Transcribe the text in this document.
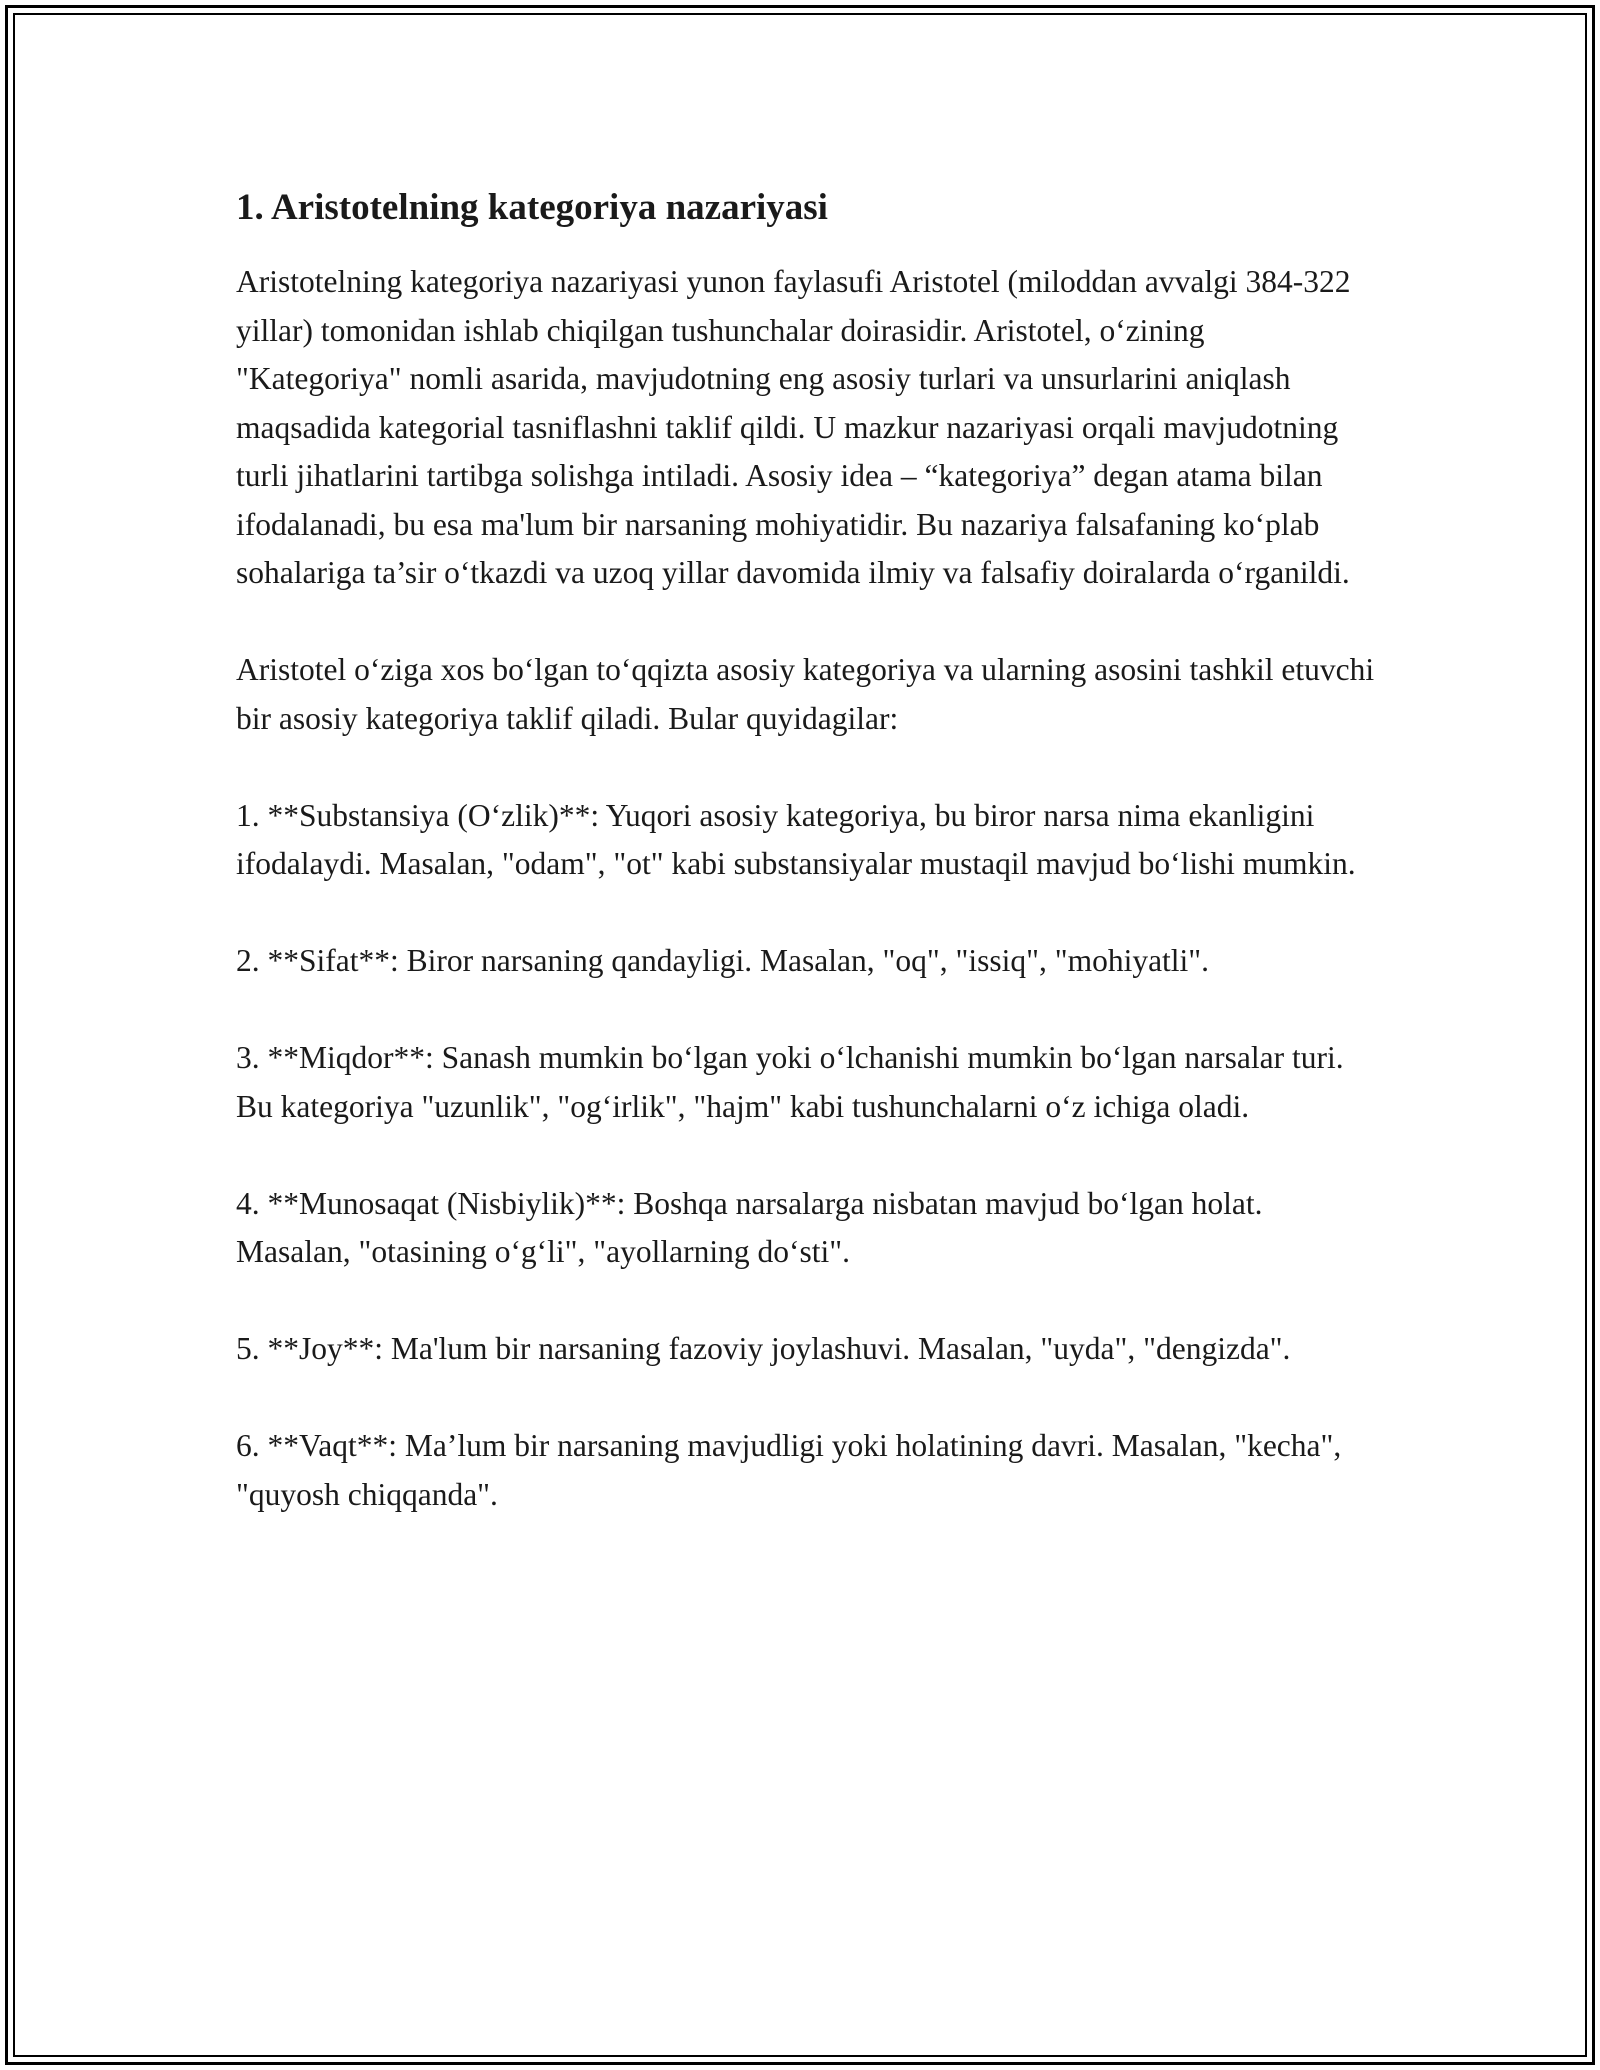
1. Aristotelning kategoriya nazariyasi

Aristotelning kategoriya nazariyasi yunon faylasufi Aristotel (miloddan avvalgi 384-322 yillar) tomonidan ishlab chiqilgan tushunchalar doirasidir. Aristotel, o‘zining "Kategoriya" nomli asarida, mavjudotning eng asosiy turlari va unsurlarini aniqlash maqsadida kategorial tasniflashni taklif qildi. U mazkur nazariyasi orqali mavjudotning turli jihatlarini tartibga solishga intiladi. Asosiy idea – “kategoriya” degan atama bilan ifodalanadi, bu esa ma'lum bir narsaning mohiyatidir. Bu nazariya falsafaning ko‘plab sohalariga ta’sir o‘tkazdi va uzoq yillar davomida ilmiy va falsafiy doiralarda o‘rganildi.

Aristotel o‘ziga xos bo‘lgan to‘qqizta asosiy kategoriya va ularning asosini tashkil etuvchi bir asosiy kategoriya taklif qiladi. Bular quyidagilar:

1. **Substansiya (O‘zlik)**: Yuqori asosiy kategoriya, bu biror narsa nima ekanligini ifodalaydi. Masalan, "odam", "ot" kabi substansiyalar mustaqil mavjud bo‘lishi mumkin.

2. **Sifat**: Biror narsaning qandayligi. Masalan, "oq", "issiq", "mohiyatli".

3. **Miqdor**: Sanash mumkin bo‘lgan yoki o‘lchanishi mumkin bo‘lgan narsalar turi. Bu kategoriya "uzunlik", "og‘irlik", "hajm" kabi tushunchalarni o‘z ichiga oladi.

4. **Munosaqat (Nisbiylik)**: Boshqa narsalarga nisbatan mavjud bo‘lgan holat. Masalan, "otasining o‘g‘li", "ayollarning do‘sti".

5. **Joy**: Ma'lum bir narsaning fazoviy joylashuvi. Masalan, "uyda", "dengizda".

6. **Vaqt**: Ma’lum bir narsaning mavjudligi yoki holatining davri. Masalan, "kecha", "quyosh chiqqanda".
